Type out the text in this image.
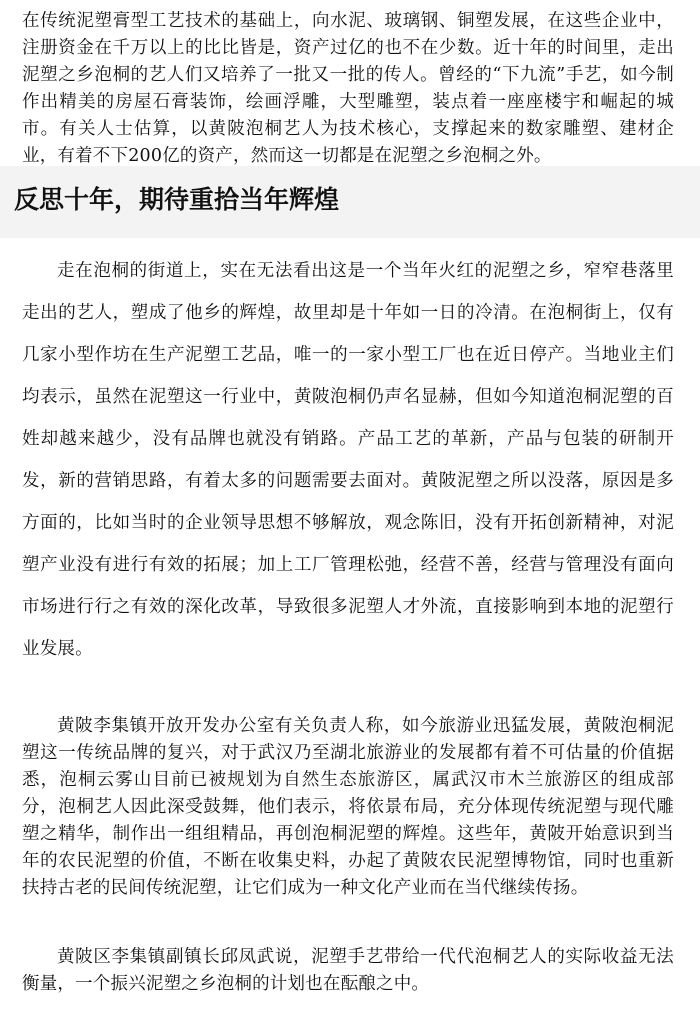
在传统泥塑膏型工艺技术的基础上，向水泥、玻璃钢、铜塑发展，在这些企业中，注册资金在千万以上的比比皆是，资产过亿的也不在少数。近十年的时间里，走出泥塑之乡泡桐的艺人们又培养了一批又一批的传人。曾经的“下九流”手艺，如今制作出精美的房屋石膏装饰，绘画浮雕，大型雕塑，装点着一座座楼宇和崛起的城市。有关人士估算，以黄陂泡桐艺人为技术核心，支撑起来的数家雕塑、建材企业，有着不下200亿的资产，然而这一切都是在泥塑之乡泡桐之外。

反思十年，期待重拾当年辉煌

走在泡桐的街道上，实在无法看出这是一个当年火红的泥塑之乡，窄窄巷落里走出的艺人，塑成了他乡的辉煌，故里却是十年如一日的冷清。在泡桐街上，仅有几家小型作坊在生产泥塑工艺品，唯一的一家小型工厂也在近日停产。当地业主们均表示，虽然在泥塑这一行业中，黄陂泡桐仍声名显赫，但如今知道泡桐泥塑的百姓却越来越少，没有品牌也就没有销路。产品工艺的革新，产品与包装的研制开发，新的营销思路，有着太多的问题需要去面对。黄陂泥塑之所以没落，原因是多方面的，比如当时的企业领导思想不够解放，观念陈旧，没有开拓创新精神，对泥塑产业没有进行有效的拓展；加上工厂管理松弛，经营不善，经营与管理没有面向市场进行行之有效的深化改革，导致很多泥塑人才外流，直接影响到本地的泥塑行业发展。

黄陂李集镇开放开发办公室有关负责人称，如今旅游业迅猛发展，黄陂泡桐泥塑这一传统品牌的复兴，对于武汉乃至湖北旅游业的发展都有着不可估量的价值据悉，泡桐云雾山目前已被规划为自然生态旅游区，属武汉市木兰旅游区的组成部分，泡桐艺人因此深受鼓舞，他们表示，将依景布局，充分体现传统泥塑与现代雕塑之精华，制作出一组组精品，再创泡桐泥塑的辉煌。这些年，黄陂开始意识到当年的农民泥塑的价值，不断在收集史料，办起了黄陂农民泥塑博物馆，同时也重新扶持古老的民间传统泥塑，让它们成为一种文化产业而在当代继续传扬。

黄陂区李集镇副镇长邱凤武说，泥塑手艺带给一代代泡桐艺人的实际收益无法衡量，一个振兴泥塑之乡泡桐的计划也在酝酿之中。
